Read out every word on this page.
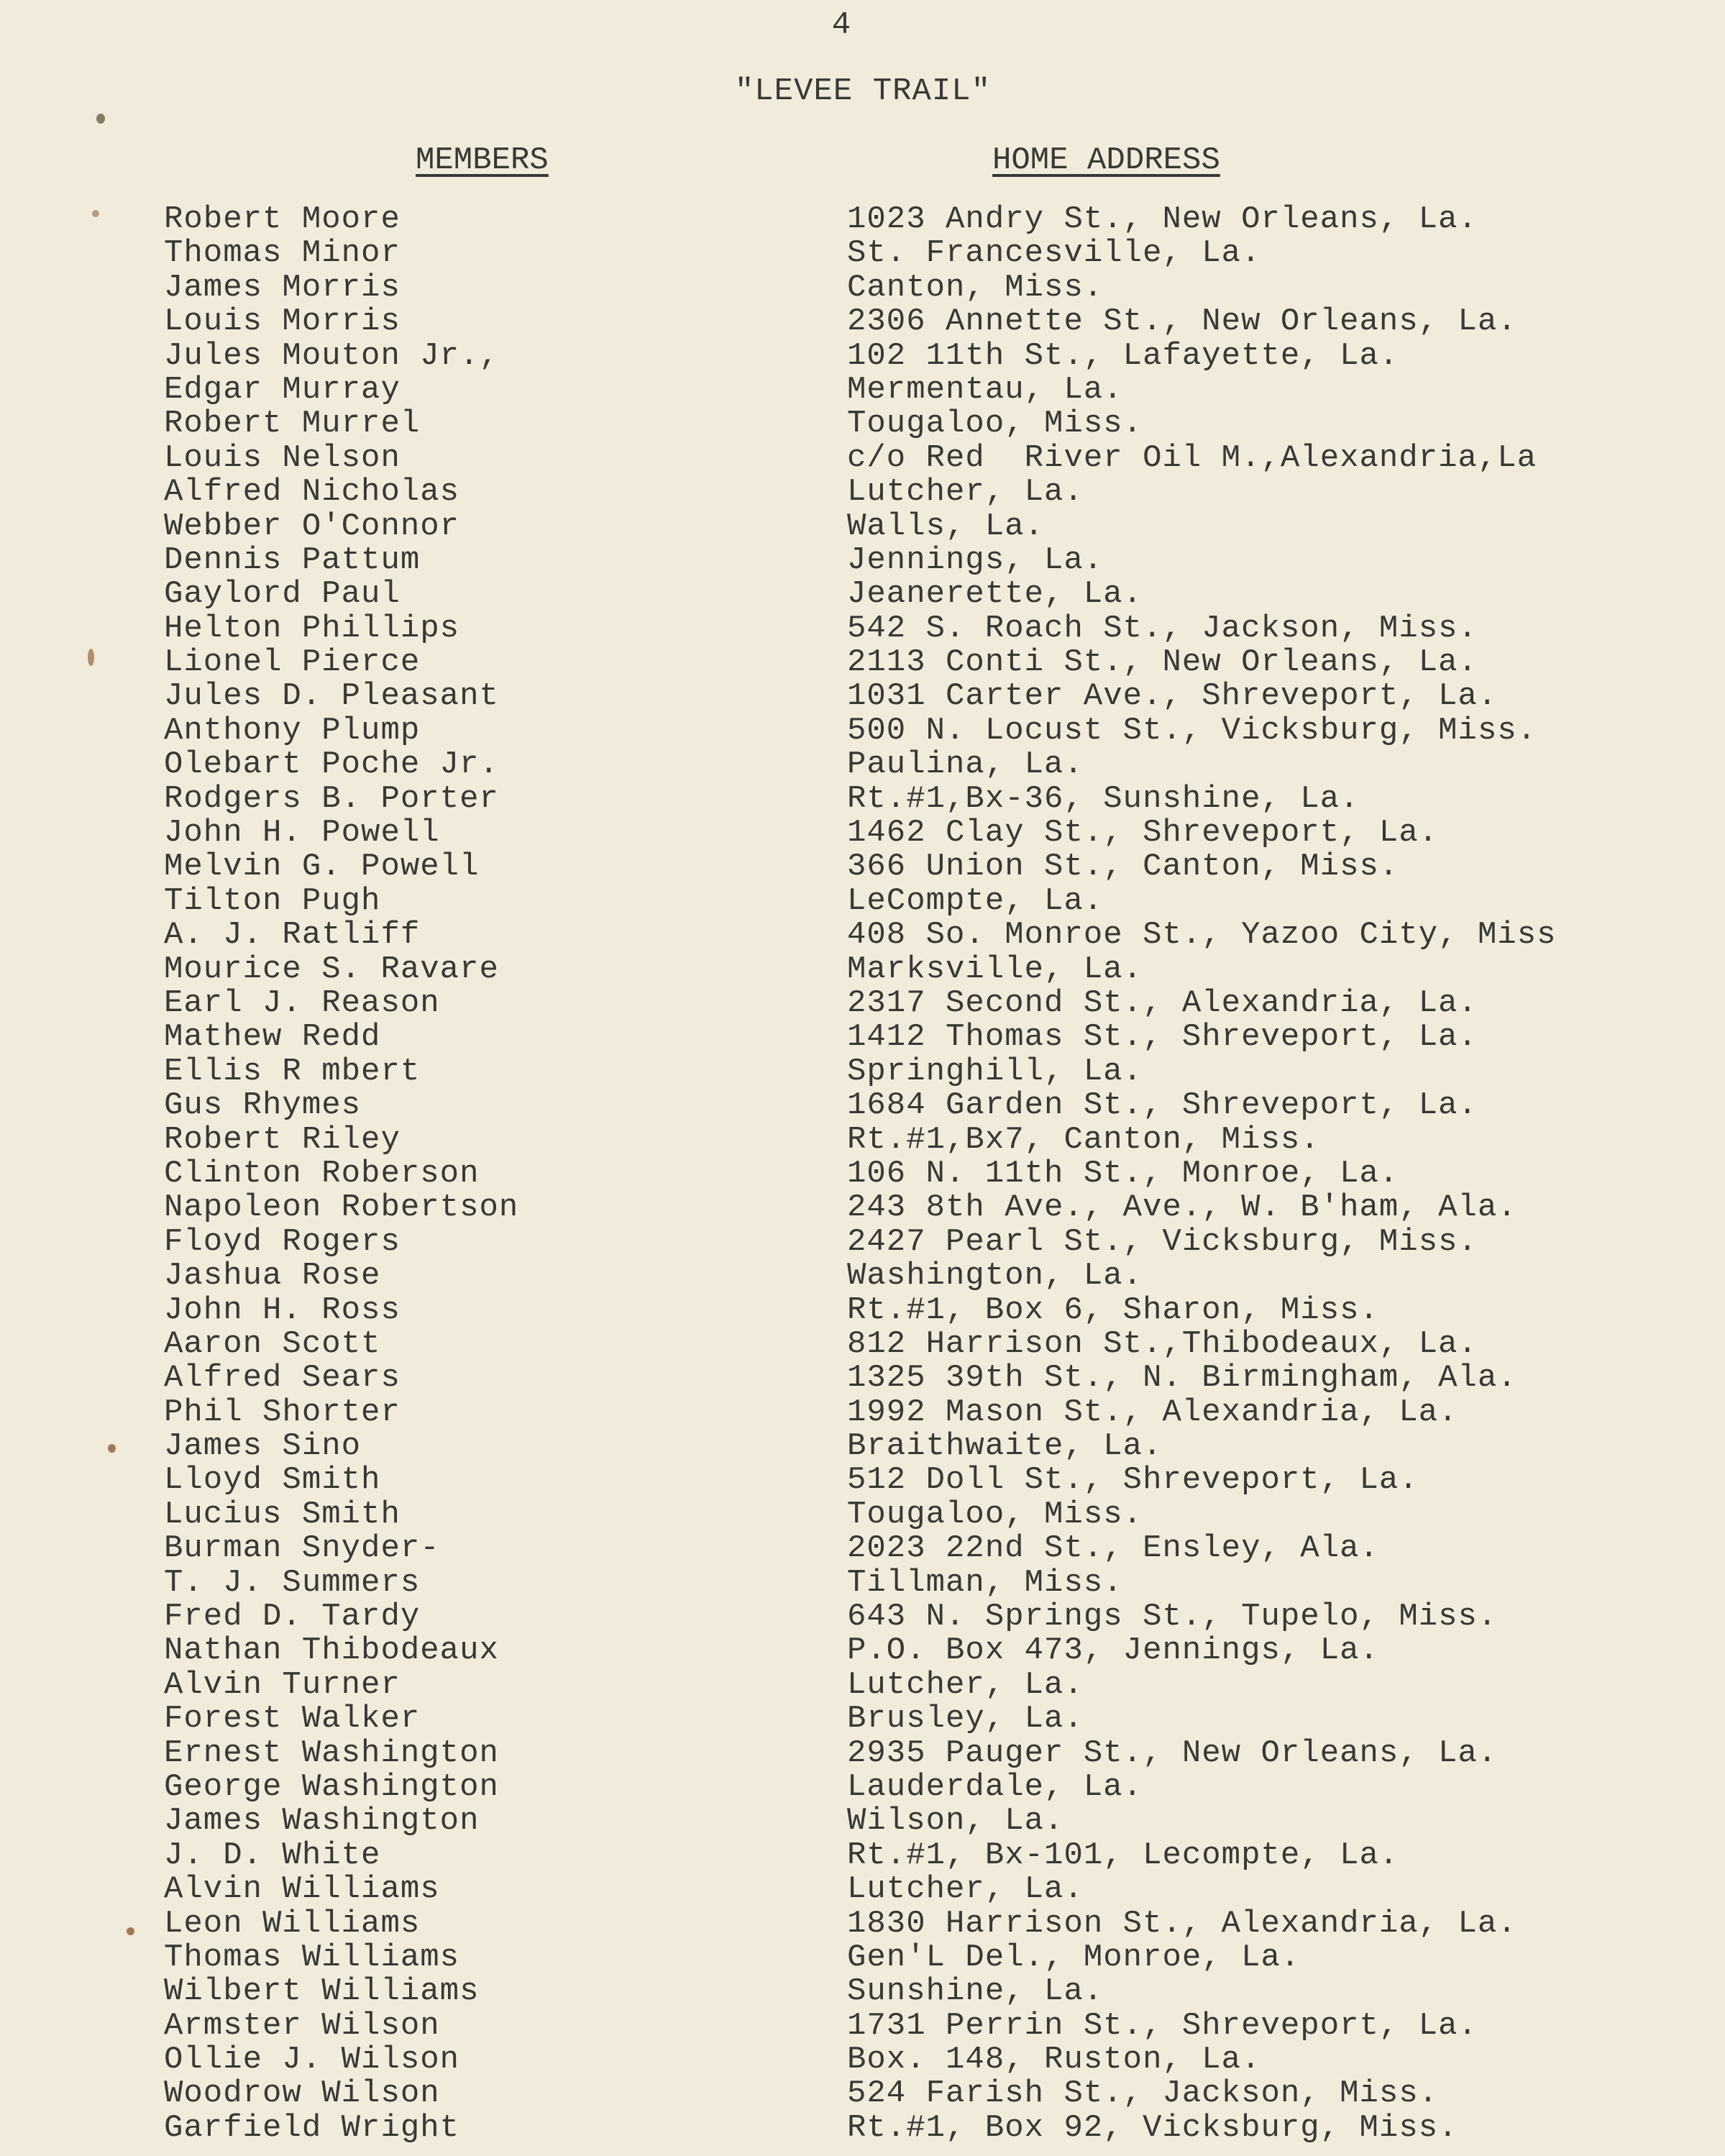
4
"LEVEE TRAIL"
MEMBERS	HOME ADDRESS
Robert Moore	1023 Andry St., New Orleans, La.
Thomas Minor	St. Francesville, La.
James Morris	Canton, Miss.
Louis Morris	2306 Annette St., New Orleans, La.
Jules Mouton Jr.,	102 11th St., Lafayette, La.
Edgar Murray	Mermentau, La.
Robert Murrel	Tougaloo, Miss.
Louis Nelson	c/o Red  River Oil M.,Alexandria,La
Alfred Nicholas	Lutcher, La.
Webber O'Connor	Walls, La.
Dennis Pattum	Jennings, La.
Gaylord Paul	Jeanerette, La.
Helton Phillips	542 S. Roach St., Jackson, Miss.
Lionel Pierce	2113 Conti St., New Orleans, La.
Jules D. Pleasant	1031 Carter Ave., Shreveport, La.
Anthony Plump	500 N. Locust St., Vicksburg, Miss.
Olebart Poche Jr.	Paulina, La.
Rodgers B. Porter	Rt.#1,Bx-36, Sunshine, La.
John H. Powell	1462 Clay St., Shreveport, La.
Melvin G. Powell	366 Union St., Canton, Miss.
Tilton Pugh	LeCompte, La.
A. J. Ratliff	408 So. Monroe St., Yazoo City, Miss
Mourice S. Ravare	Marksville, La.
Earl J. Reason	2317 Second St., Alexandria, La.
Mathew Redd	1412 Thomas St., Shreveport, La.
Ellis R mbert	Springhill, La.
Gus Rhymes	1684 Garden St., Shreveport, La.
Robert Riley	Rt.#1,Bx7, Canton, Miss.
Clinton Roberson	106 N. 11th St., Monroe, La.
Napoleon Robertson	243 8th Ave., Ave., W. B'ham, Ala.
Floyd Rogers	2427 Pearl St., Vicksburg, Miss.
Jashua Rose	Washington, La.
John H. Ross	Rt.#1, Box 6, Sharon, Miss.
Aaron Scott	812 Harrison St.,Thibodeaux, La.
Alfred Sears	1325 39th St., N. Birmingham, Ala.
Phil Shorter	1992 Mason St., Alexandria, La.
James Sino	Braithwaite, La.
Lloyd Smith	512 Doll St., Shreveport, La.
Lucius Smith	Tougaloo, Miss.
Burman Snyder-	2023 22nd St., Ensley, Ala.
T. J. Summers	Tillman, Miss.
Fred D. Tardy	643 N. Springs St., Tupelo, Miss.
Nathan Thibodeaux	P.O. Box 473, Jennings, La.
Alvin Turner	Lutcher, La.
Forest Walker	Brusley, La.
Ernest Washington	2935 Pauger St., New Orleans, La.
George Washington	Lauderdale, La.
James Washington	Wilson, La.
J. D. White	Rt.#1, Bx-101, Lecompte, La.
Alvin Williams	Lutcher, La.
Leon Williams	1830 Harrison St., Alexandria, La.
Thomas Williams	Gen'L Del., Monroe, La.
Wilbert Williams	Sunshine, La.
Armster Wilson	1731 Perrin St., Shreveport, La.
Ollie J. Wilson	Box. 148, Ruston, La.
Woodrow Wilson	524 Farish St., Jackson, Miss.
Garfield Wright	Rt.#1, Box 92, Vicksburg, Miss.
